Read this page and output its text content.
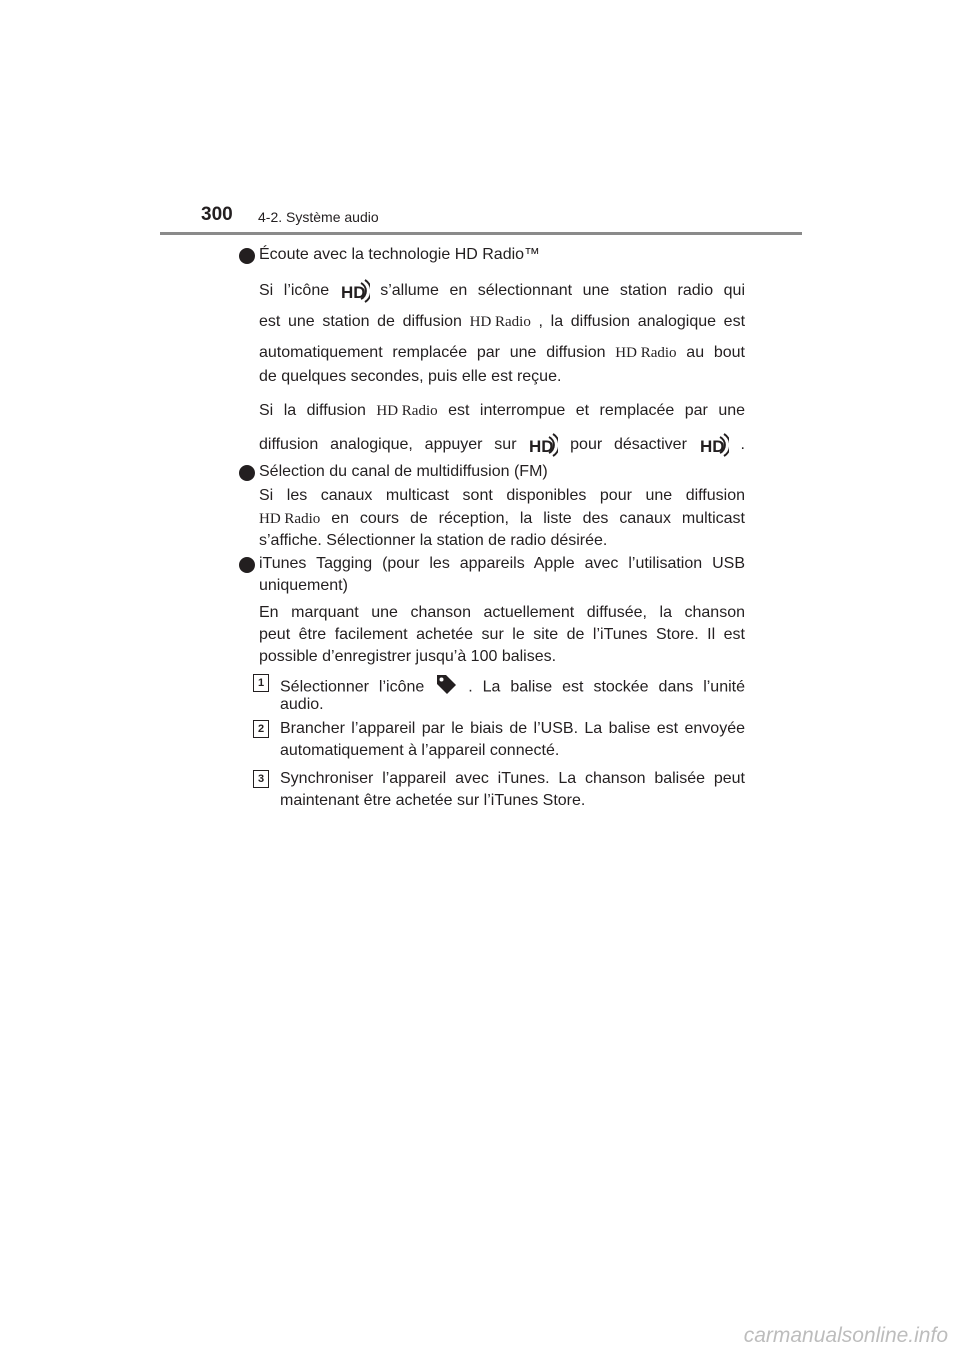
300 4-2. Système audio
Écoute avec la technologie HD Radio™
Si l’icône	s’allume en sélectionnant une station radio qui
est une station de diffusion HD Radio , la diffusion analogique est
automatiquement remplacée par une diffusion HD Radio au bout
de quelques secondes, puis elle est reçue.
Si la diffusion HD Radio est interrompue et remplacée par une
diffusion analogique, appuyer sur	pour désactiver	.
Sélection du canal de multidiffusion (FM)
Si les canaux multicast sont disponibles pour une diffusion
HD Radio en cours de réception, la liste des canaux multicast
s’affiche. Sélectionner la station de radio désirée.
iTunes Tagging (pour les appareils Apple avec l’utilisation USB
uniquement)
En marquant une chanson actuellement diffusée, la chanson
peut être facilement achetée sur le site de l’iTunes Store. Il est
possible d’enregistrer jusqu’à 100 balises.
1 Sélectionner l’icône	. La balise est stockée dans l’unité
audio.
2 Brancher l’appareil par le biais de l’USB. La balise est envoyée
automatiquement à l’appareil connecté.
3 Synchroniser l’appareil avec iTunes. La chanson balisée peut
maintenant être achetée sur l’iTunes Store.
carmanualsonline.info
